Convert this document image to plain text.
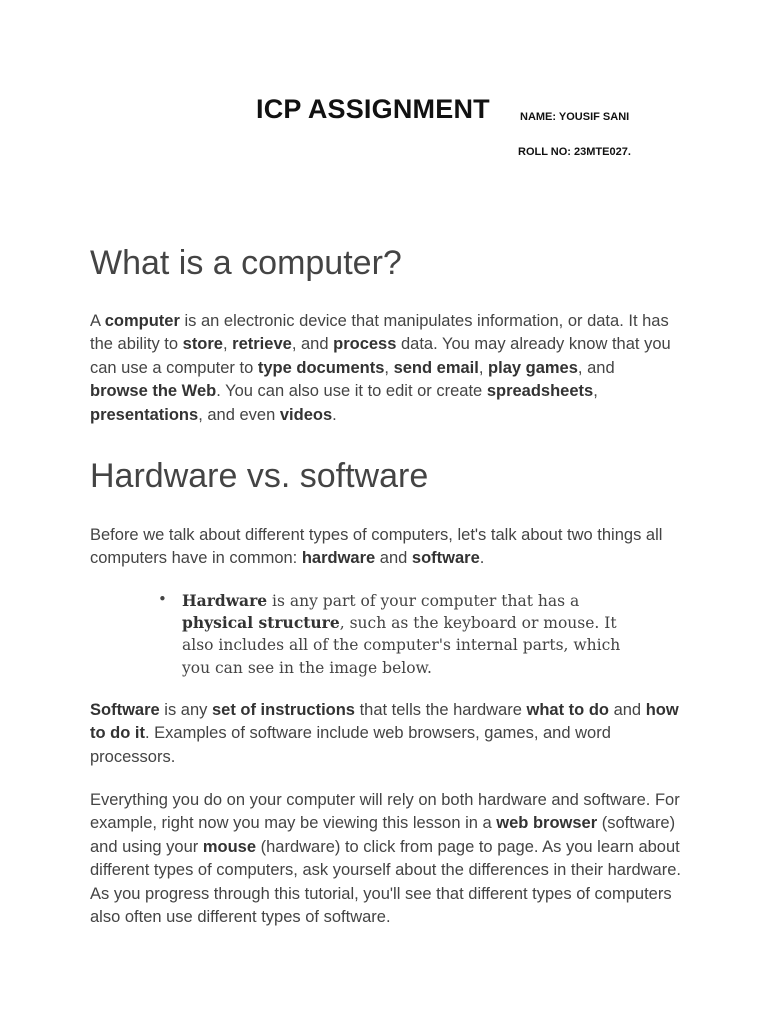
ICP ASSIGNMENT	NAME: YOUSIF SANI
ROLL NO: 23MTE027.
What is a computer?

A computer is an electronic device that manipulates information, or data. It has the ability to store, retrieve, and process data. You may already know that you can use a computer to type documents, send email, play games, and browse the Web. You can also use it to edit or create spreadsheets, presentations, and even videos.

Hardware vs. software

Before we talk about different types of computers, let's talk about two things all computers have in common: hardware and software.

• Hardware is any part of your computer that has a physical structure, such as the keyboard or mouse. It also includes all of the computer's internal parts, which you can see in the image below.

Software is any set of instructions that tells the hardware what to do and how to do it. Examples of software include web browsers, games, and word processors.

Everything you do on your computer will rely on both hardware and software. For example, right now you may be viewing this lesson in a web browser (software) and using your mouse (hardware) to click from page to page. As you learn about different types of computers, ask yourself about the differences in their hardware. As you progress through this tutorial, you'll see that different types of computers also often use different types of software.
